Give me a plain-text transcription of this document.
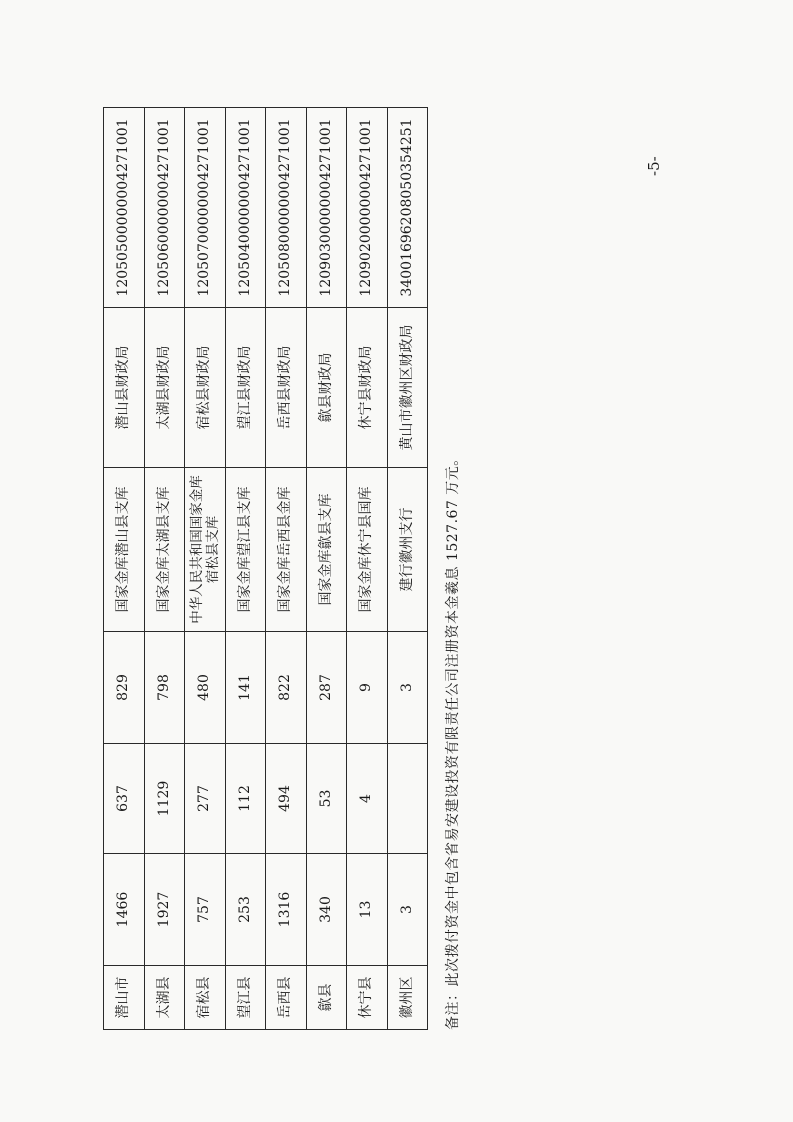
潜山市	1466	637	829	国家金库潜山县支库	潜山县财政局	12050500000004271001
太湖县	1927	1129	798	国家金库太湖县支库	太湖县财政局	12050600000004271001
宿松县	757	277	480	中华人民共和国国家金库宿松县支库	宿松县财政局	12050700000004271001
望江县	253	112	141	国家金库望江县支库	望江县财政局	12050400000004271001
岳西县	1316	494	822	国家金库岳西县金库	岳西县财政局	12050800000004271001
歙县	340	53	287	国家金库歙县支库	歙县财政局	12090300000004271001
休宁县	13	4	9	国家金库休宁县国库	休宁县财政局	12090200000004271001
徽州区	3		3	建行徽州支行	黄山市徽州区财政局	34001696208050354251
备注：此次拨付资金中包含省易安建设投资有限责任公司注册资本金羲息 1527.67 万元。
-5-
